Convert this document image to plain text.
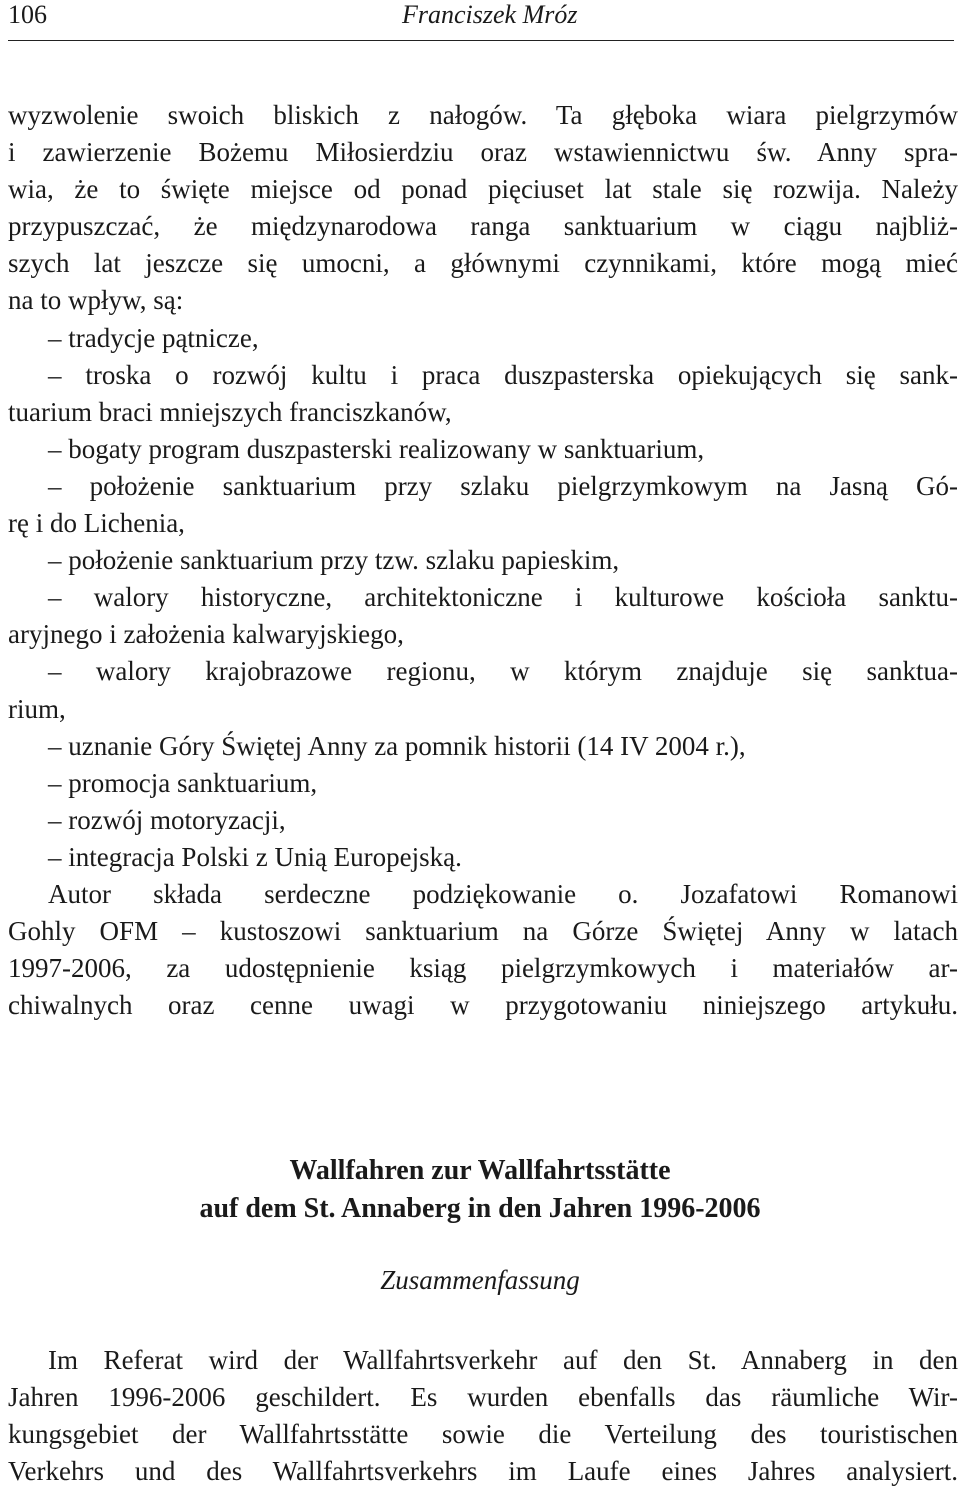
106	Franciszek Mróz
wyzwolenie swoich bliskich z nałogów. Ta głęboka wiara pielgrzymów
i zawierzenie Bożemu Miłosierdziu oraz wstawiennictwu św. Anny spra-
wia, że to święte miejsce od ponad pięciuset lat stale się rozwija. Należy
przypuszczać, że międzynarodowa ranga sanktuarium w ciągu najbliż-
szych lat jeszcze się umocni, a głównymi czynnikami, które mogą mieć
na to wpływ, są:
– tradycje pątnicze,
– troska o rozwój kultu i praca duszpasterska opiekujących się sank-
tuarium braci mniejszych franciszkanów,
– bogaty program duszpasterski realizowany w sanktuarium,
– położenie sanktuarium przy szlaku pielgrzymkowym na Jasną Gó-
rę i do Lichenia,
– położenie sanktuarium przy tzw. szlaku papieskim,
– walory historyczne, architektoniczne i kulturowe kościoła sanktu-
aryjnego i założenia kalwaryjskiego,
– walory krajobrazowe regionu, w którym znajduje się sanktua-
rium,
– uznanie Góry Świętej Anny za pomnik historii (14 IV 2004 r.),
– promocja sanktuarium,
– rozwój motoryzacji,
– integracja Polski z Unią Europejską.
Autor składa serdeczne podziękowanie o. Jozafatowi Romanowi
Gohly OFM – kustoszowi sanktuarium na Górze Świętej Anny w latach
1997-2006, za udostępnienie ksiąg pielgrzymkowych i materiałów ar-
chiwalnych oraz cenne uwagi w przygotowaniu niniejszego artykułu.
Wallfahren zur Wallfahrtsstätte
auf dem St. Annaberg in den Jahren 1996-2006
Zusammenfassung
Im Referat wird der Wallfahrtsverkehr auf den St. Annaberg in den
Jahren 1996-2006 geschildert. Es wurden ebenfalls das räumliche Wir-
kungsgebiet der Wallfahrtsstätte sowie die Verteilung des touristischen
Verkehrs und des Wallfahrtsverkehrs im Laufe eines Jahres analysiert.
